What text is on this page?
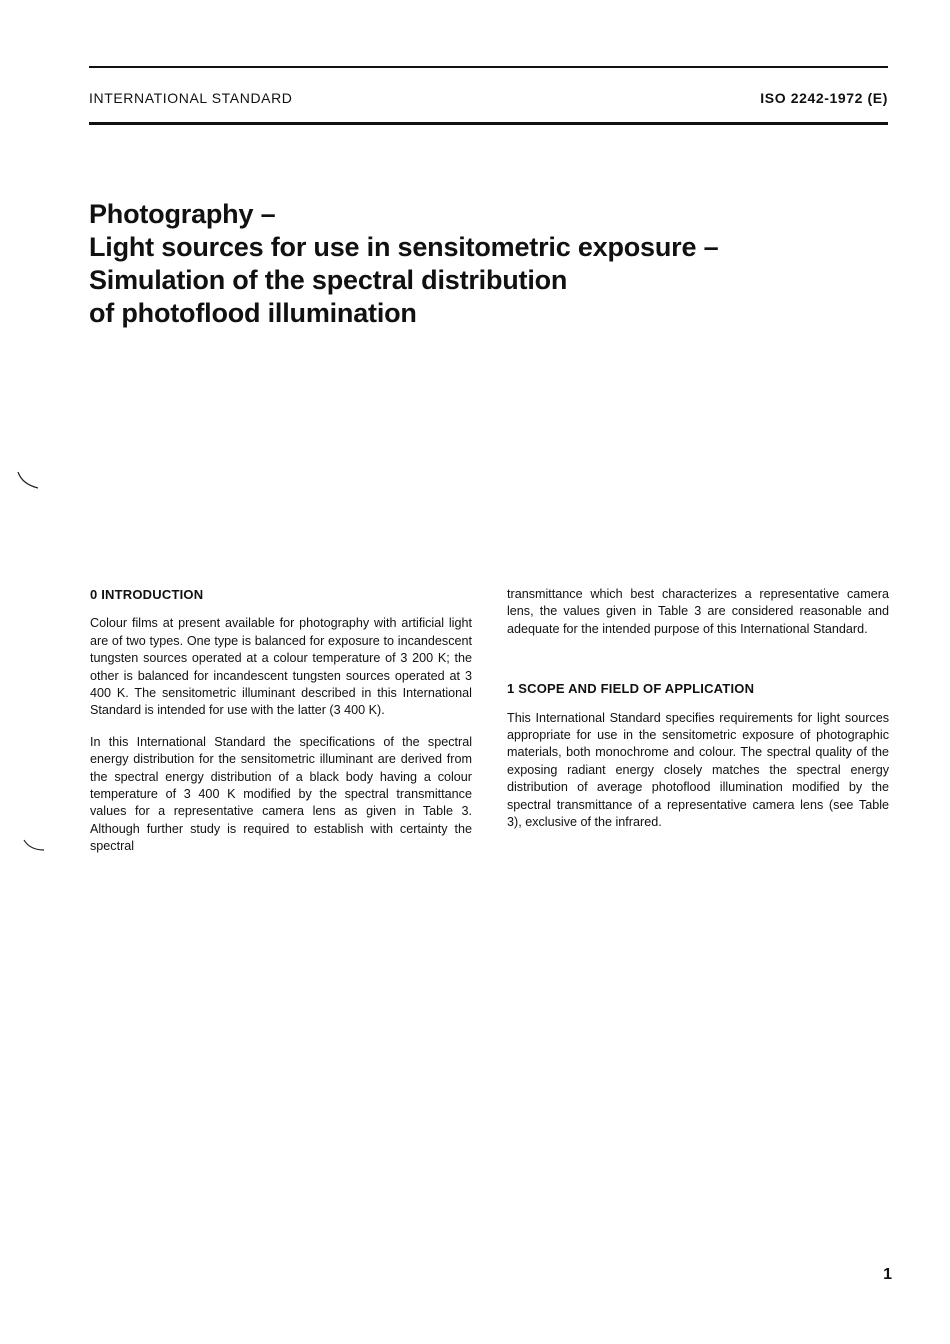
INTERNATIONAL STANDARD	ISO 2242-1972 (E)
Photography –
Light sources for use in sensitometric exposure –
Simulation of the spectral distribution
of photoflood illumination
0 INTRODUCTION

Colour films at present available for photography with artificial light are of two types. One type is balanced for exposure to incandescent tungsten sources operated at a colour temperature of 3 200 K; the other is balanced for incandescent tungsten sources operated at 3 400 K. The sensitometric illuminant described in this International Standard is intended for use with the latter (3 400 K).

In this International Standard the specifications of the spectral energy distribution for the sensitometric illuminant are derived from the spectral energy distribution of a black body having a colour temperature of 3 400 K modified by the spectral transmittance values for a representative camera lens as given in Table 3. Although further study is required to establish with certainty the spectral

transmittance which best characterizes a representative camera lens, the values given in Table 3 are considered reasonable and adequate for the intended purpose of this International Standard.

1 SCOPE AND FIELD OF APPLICATION

This International Standard specifies requirements for light sources appropriate for use in the sensitometric exposure of photographic materials, both monochrome and colour. The spectral quality of the exposing radiant energy closely matches the spectral energy distribution of average photoflood illumination modified by the spectral transmittance of a representative camera lens (see Table 3), exclusive of the infrared.

1
